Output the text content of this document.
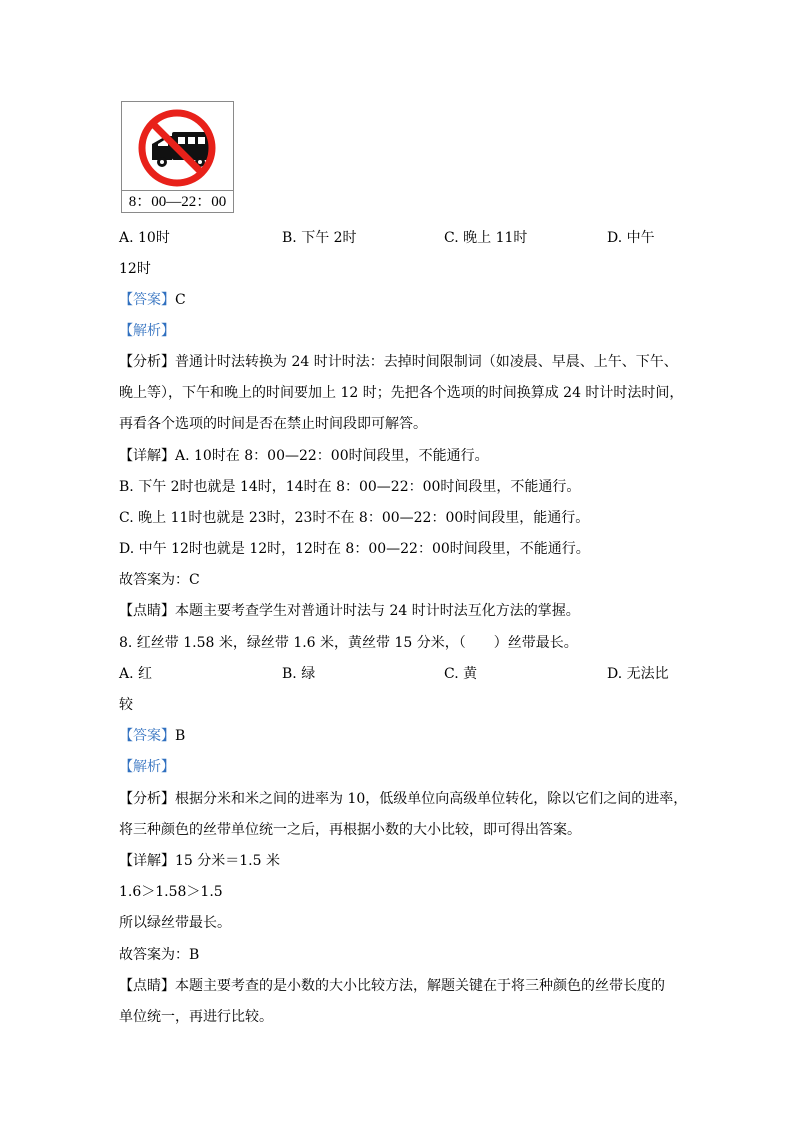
8：00—22：00
A. 10时	B. 下午 2时	C. 晚上 11时	D. 中午
12时
【答案】C
【解析】
【分析】普通计时法转换为 24 时计时法：去掉时间限制词（如凌晨、早晨、上午、下午、
晚上等），下午和晚上的时间要加上 12 时；先把各个选项的时间换算成 24 时计时法时间，
再看各个选项的时间是否在禁止时间段即可解答。
【详解】A. 10时在 8：00—22：00时间段里，不能通行。
B. 下午 2时也就是 14时，14时在 8：00—22：00时间段里，不能通行。
C. 晚上 11时也就是 23时，23时不在 8：00—22：00时间段里，能通行。
D. 中午 12时也就是 12时，12时在 8：00—22：00时间段里，不能通行。
故答案为：C
【点睛】本题主要考查学生对普通计时法与 24 时计时法互化方法的掌握。
8. 红丝带 1.58 米，绿丝带 1.6 米，黄丝带 15 分米，（　　）丝带最长。
A. 红	B. 绿	C. 黄	D. 无法比
较
【答案】B
【解析】
【分析】根据分米和米之间的进率为 10，低级单位向高级单位转化，除以它们之间的进率，
将三种颜色的丝带单位统一之后，再根据小数的大小比较，即可得出答案。
【详解】15 分米＝1.5 米
1.6＞1.58＞1.5
所以绿丝带最长。
故答案为：B
【点睛】本题主要考查的是小数的大小比较方法，解题关键在于将三种颜色的丝带长度的
单位统一，再进行比较。
